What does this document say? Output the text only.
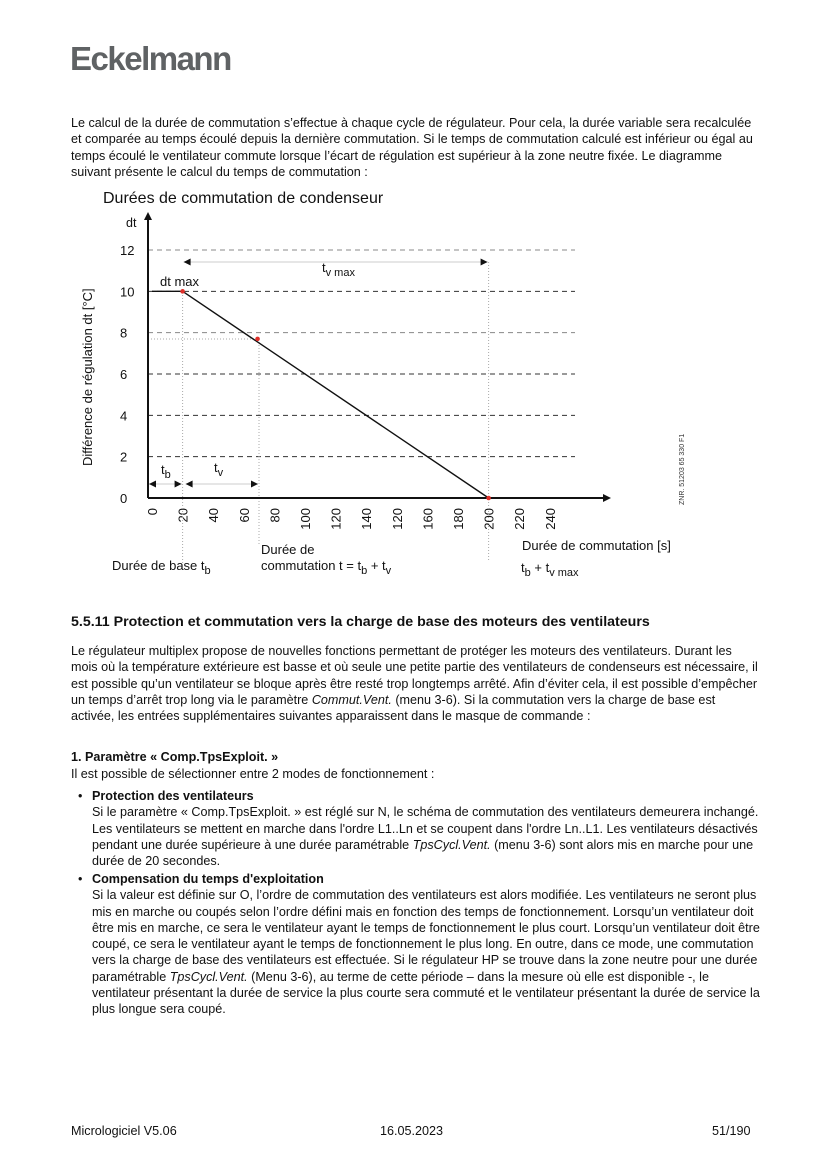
Eckelmann
Le calcul de la durée de commutation s’effectue à chaque cycle de régulateur. Pour cela, la durée variable sera recalculée et comparée au temps écoulé depuis la dernière commutation. Si le temps de commutation calculé est inférieur ou égal au temps écoulé le ventilateur commute lorsque l’écart de régulation est supérieur à la zone neutre fixée. Le diagramme suivant présente le calcul du temps de commutation :
Durées de commutation de condenseur
dt
Différence de régulation dt [°C]
0
2
4
6
8
10
12
0 20 40 60 80 100 120 140 120 160 180 200 220 240
dt max
$t_{v max}$
$t_b$	$t_v$
Durée de commutation [s]
Durée de base $t_b$
Durée de
commutation $t = t_b + t_v$	$t_b + t_{v max}$
ZNR. 51203 65 330 F1
5.5.11 Protection et commutation vers la charge de base des moteurs des ventilateurs
Le régulateur multiplex propose de nouvelles fonctions permettant de protéger les moteurs des ventilateurs. Durant les mois où la température extérieure est basse et où seule une petite partie des ventilateurs de condenseurs est nécessaire, il est possible qu’un ventilateur se bloque après être resté trop longtemps arrêté. Afin d’éviter cela, il est possible d’empêcher un temps d’arrêt trop long via le paramètre Commut.Vent. (menu 3-6). Si la commutation vers la charge de base est activée, les entrées supplémentaires suivantes apparaissent dans le masque de commande :
1. Paramètre « Comp.TpsExploit. »
Il est possible de sélectionner entre 2 modes de fonctionnement :
• Protection des ventilateurs
Si le paramètre « Comp.TpsExploit. » est réglé sur N, le schéma de commutation des ventilateurs demeurera inchangé. Les ventilateurs se mettent en marche dans l'ordre L1..Ln et se coupent dans l'ordre Ln..L1. Les ventilateurs désactivés pendant une durée supérieure à une durée paramétrable TpsCycl.Vent. (menu 3-6) sont alors mis en marche pour une durée de 20 secondes.
• Compensation du temps d'exploitation
Si la valeur est définie sur O, l’ordre de commutation des ventilateurs est alors modifiée. Les ventilateurs ne seront plus mis en marche ou coupés selon l’ordre défini mais en fonction des temps de fonctionnement. Lorsqu’un ventilateur doit être mis en marche, ce sera le ventilateur ayant le temps de fonctionnement le plus court. Lorsqu’un ventilateur doit être coupé, ce sera le ventilateur ayant le temps de fonctionnement le plus long. En outre, dans ce mode, une commutation vers la charge de base des ventilateurs est effectuée. Si le régulateur HP se trouve dans la zone neutre pour une durée paramétrable TpsCycl.Vent. (Menu 3-6), au terme de cette période – dans la mesure où elle est disponible -, le ventilateur présentant la durée de service la plus courte sera commuté et le ventilateur présentant la durée de service la plus longue sera coupé.
Micrologiciel V5.06	16.05.2023	51/190
